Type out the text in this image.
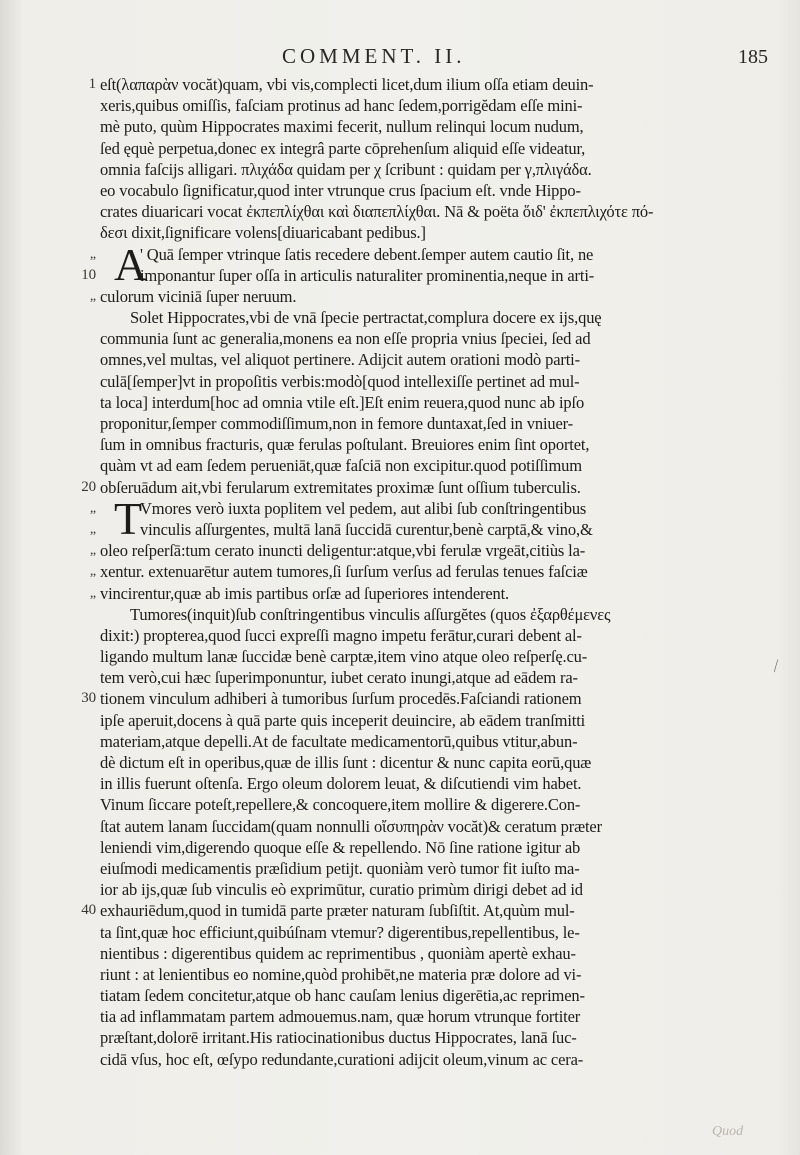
COMMENT. II.	185
1 eſt(λαπαρὰν vocăt)quam, vbi vis,complecti licet,dum ilium oſſa etiam deuin-
xeris,quibus omiſſis, faſciam protinus ad hanc ſedem,porrigĕdam eſſe mini-
mè puto, quùm Hippocrates maximi fecerit, nullum relinqui locum nudum,
ſed ęquè perpetua,donec ex integrâ parte cōprehenſum aliquid eſſe videatur,
omnia faſcijs alligari. πλιχάδα quidam per χ ſcribunt : quidam per γ,πλιγάδα.
eo vocabulo ſignificatur,quod inter vtrunque crus ſpacium eſt. vnde Hippo-
crates diuaricari vocat ἐκπεπλίχθαι καὶ διαπεπλίχθαι. Nā & poëta ὅιδ' ἐκπεπλιχότε πό-
δεσι dixit,ſignificare volens[diuaricabant pedibus.]
„ A
' Quā ſemper vtrinque ſatis recedere debent.ſemper autem cautio ſit, ne
10	imponantur ſuper oſſa in articulis naturaliter prominentia,neque in arti-
„ culorum viciniā ſuper neruum.
Solet Hippocrates,vbi de vnā ſpecie pertractat,complura docere ex ijs,quę
communia ſunt ac generalia,monens ea non eſſe propria vnius ſpeciei, ſed ad
omnes,vel multas, vel aliquot pertinere. Adijcit autem orationi modò parti-
culā[ſemper]vt in propoſitis verbis:modò[quod intellexiſſe pertinet ad mul-
ta loca] interdum[hoc ad omnia vtile eſt.]Eſt enim reuera,quod nunc ab ipſo
proponitur,ſemper commodiſſimum,non in femore duntaxat,ſed in vniuer-
ſum in omnibus fracturis, quæ ferulas poſtulant. Breuiores enim ſint oportet,
quàm vt ad eam ſedem perueniāt,quæ faſciā non excipitur.quod potiſſimum
20 obſeruādum ait,vbi ferularum extremitates proximæ ſunt oſſium tuberculis.
„ T
Vmores verò iuxta poplitem vel pedem, aut alibi ſub conſtringentibus
„	vinculis aſſurgentes, multā lanā ſuccidā curentur,benè carptā,& vino,&
„ oleo reſperſā:tum cerato inuncti deligentur:atque,vbi ferulæ vrgeāt,citiùs la-
„ xentur. extenuarētur autem tumores,ſi ſurſum verſus ad ferulas tenues faſciæ
„ vincirentur,quæ ab imis partibus orſæ ad ſuperiores intenderent.
Tumores(inquit)ſub conſtringentibus vinculis aſſurgĕtes (quos ἐξαρθέμενες
dixit:) propterea,quod ſucci expreſſi magno impetu ferātur,curari debent al-
ligando multum lanæ ſuccidæ benè carptæ,item vino atque oleo reſperſę.cu-
tem verò,cui hæc ſuperimponuntur, iubet cerato inungi,atque ad eādem ra-
30 tionem vinculum adhiberi à tumoribus ſurſum procedēs.Faſciandi rationem
ipſe aperuit,docens à quā parte quis inceperit deuincire, ab eādem tranſmitti
materiam,atque depelli.At de facultate medicamentorū,quibus vtitur,abun-
dè dictum eſt in operibus,quæ de illis ſunt : dicentur & nunc capita eorū,quæ
in illis fuerunt oſtenſa. Ergo oleum dolorem leuat, & diſcutiendi vim habet.
Vinum ſiccare poteſt,repellere,& concoquere,item mollire & digerere.Con-
ſtat autem lanam ſuccidam(quam nonnulli οἴσυπηρὰν vocăt)& ceratum præter
leniendi vim,digerendo quoque eſſe & repellendo. Nō ſine ratione igitur ab
eiuſmodi medicamentis præſidium petijt. quoniàm verò tumor fit iuſto ma-
ior ab ijs,quæ ſub vinculis eò exprimūtur, curatio primùm dirigi debet ad id
40 exhauriēdum,quod in tumidā parte præter naturam ſubſiſtit. At,quùm mul-
ta ſint,quæ hoc efficiunt,quibúſnam vtemur? digerentibus,repellentibus, le-
nientibus : digerentibus quidem ac reprimentibus , quoniàm apertè exhau-
riunt : at lenientibus eo nomine,quòd prohibēt,ne materia præ dolore ad vi-
tiatam ſedem concitetur,atque ob hanc cauſam lenius digerētia,ac reprimen-
tia ad inflammatam partem admouemus.nam, quæ horum vtrunque fortiter
præſtant,dolorē irritant.His ratiocinationibus ductus Hippocrates, lanā ſuc-
cidā vſus, hoc eſt, œſypo redundante,curationi adijcit oleum,vinum ac cera-
⁄
Quod
